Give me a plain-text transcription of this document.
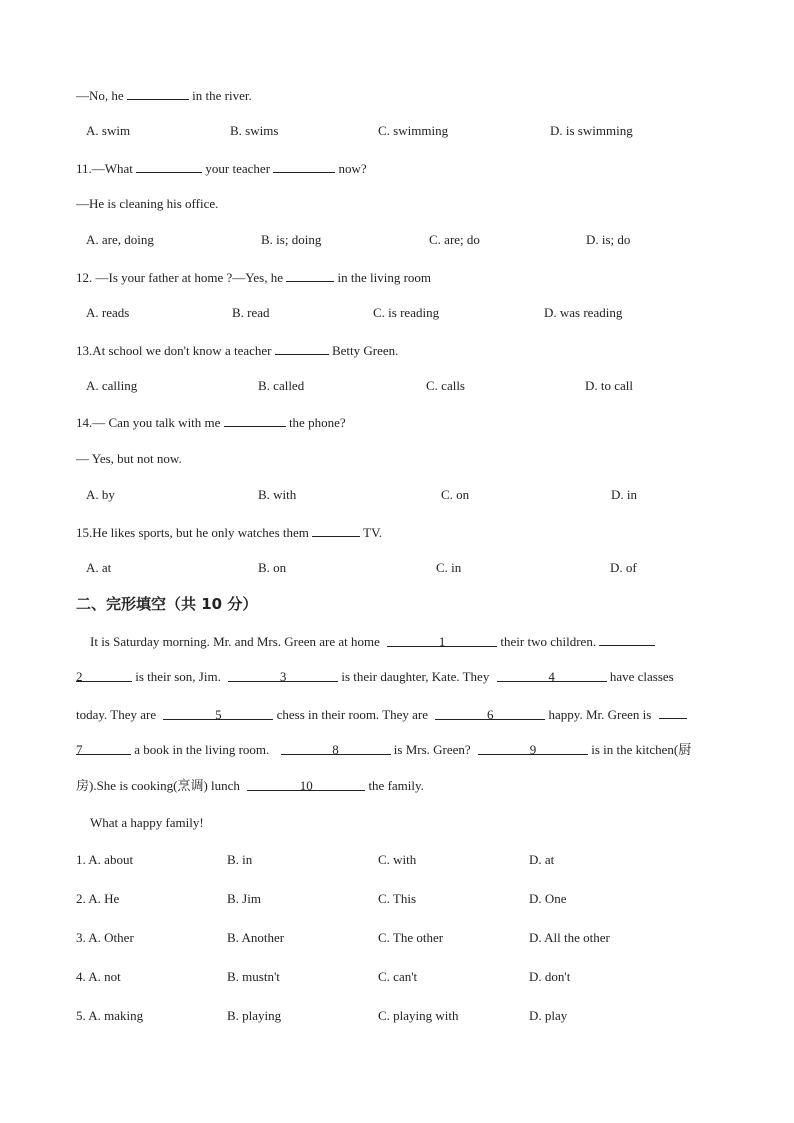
—No, he	in the river.
A. swim	B. swims	C. swimming	D. is swimming
11.—What	your teacher	now?
—He is cleaning his office.
A. are, doing	B. is; doing	C. are; do	D. is; do
12. —Is your father at home ?—Yes, he	in the living room
A. reads	B. read	C. is reading	D. was reading
13.At school we don't know a teacher	Betty Green.
A. calling	B. called	C. calls	D. to call
14.— Can you talk with me	the phone?
— Yes, but not now.
A. by	B. with	C. on	D. in
15.He likes sports, but he only watches them	TV.
A. at	B. on	C. in	D. of
二、完形填空（共 10 分）
It is Saturday morning. Mr. and Mrs. Green are at home	1	their two children.
2	is their son, Jim.	3	is their daughter, Kate. They	4	have classes
today. They are	5	chess in their room. They are	6	happy. Mr. Green is
7	a book in the living room.	8	is Mrs. Green?	9	is in the kitchen(厨
房).She is cooking(烹调) lunch	10	the family.
What a happy family!
1. A. about	B. in	C. with	D. at
2. A. He	B. Jim	C. This	D. One
3. A. Other	B. Another	C. The other	D. All the other
4. A. not	B. mustn't	C. can't	D. don't
5. A. making	B. playing	C. playing with	D. play
